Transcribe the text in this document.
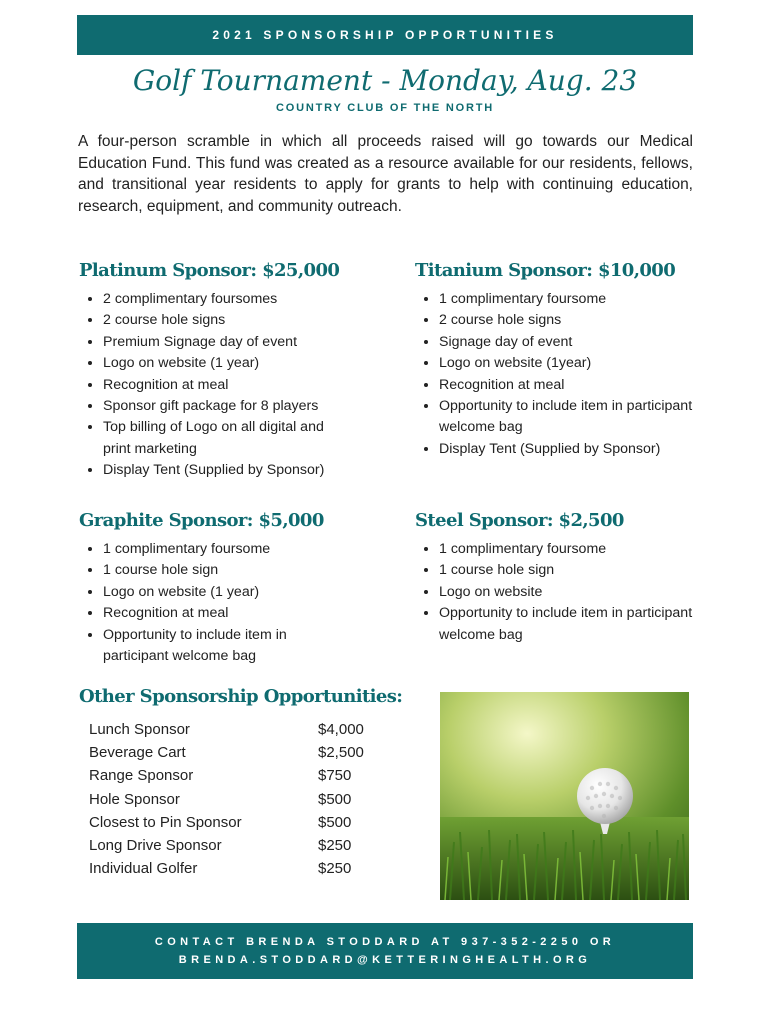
2021 SPONSORSHIP OPPORTUNITIES
Golf Tournament - Monday, Aug. 23
COUNTRY CLUB OF THE NORTH
A four-person scramble in which all proceeds raised will go towards our Medical Education Fund. This fund was created as a resource available for our residents, fellows, and transitional year residents to apply for grants to help with continuing education, research, equipment, and community outreach.
Platinum Sponsor: $25,000
• 2 complimentary foursomes
• 2 course hole signs
• Premium Signage day of event
• Logo on website (1 year)
• Recognition at meal
• Sponsor gift package for 8 players
• Top billing of Logo on all digital and print marketing
• Display Tent (Supplied by Sponsor)
Titanium Sponsor: $10,000
• 1 complimentary foursome
• 2 course hole signs
• Signage day of event
• Logo on website (1year)
• Recognition at meal
• Opportunity to include item in participant welcome bag
• Display Tent (Supplied by Sponsor)
Graphite Sponsor: $5,000
• 1 complimentary foursome
• 1 course hole sign
• Logo on website (1 year)
• Recognition at meal
• Opportunity to include item in participant welcome bag
Steel Sponsor: $2,500
• 1 complimentary foursome
• 1 course hole sign
• Logo on website
• Opportunity to include item in participant welcome bag
Other Sponsorship Opportunities:
Lunch Sponsor	$4,000
Beverage Cart	$2,500
Range Sponsor	$750
Hole Sponsor	$500
Closest to Pin Sponsor	$500
Long Drive Sponsor	$250
Individual Golfer	$250
CONTACT BRENDA STODDARD AT 937-352-2250 OR
BRENDA.STODDARD@KETTERINGHEALTH.ORG
